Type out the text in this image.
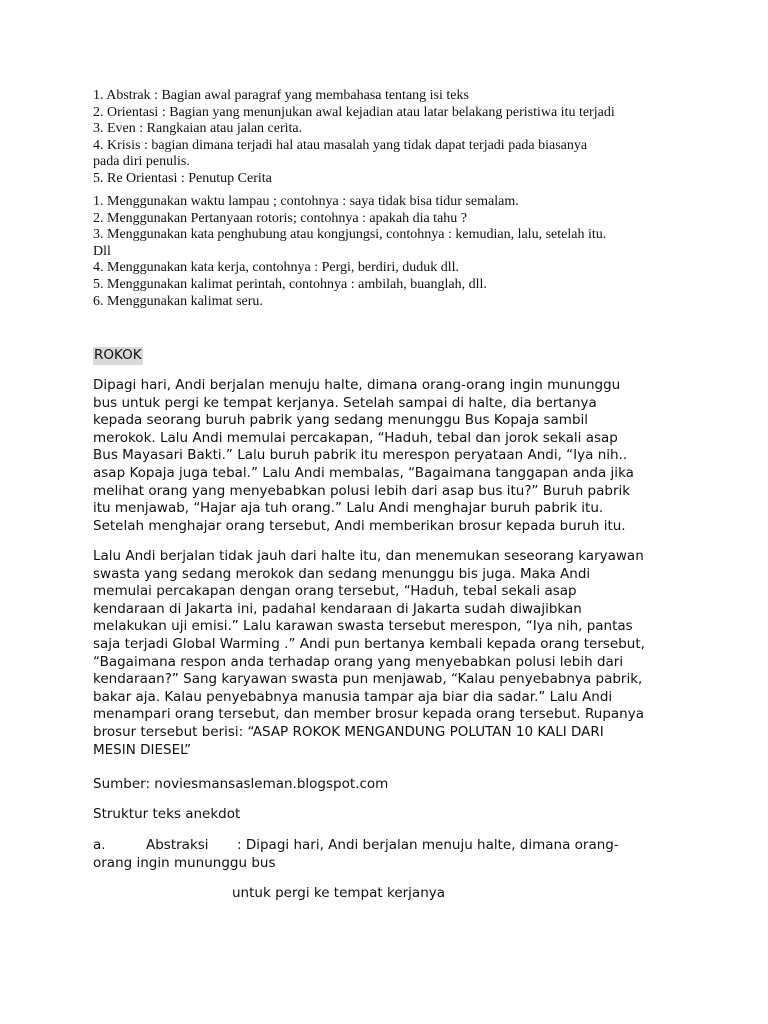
1. Abstrak : Bagian awal paragraf yang membahasa tentang isi teks
2. Orientasi : Bagian yang menunjukan awal kejadian atau latar belakang peristiwa itu terjadi
3. Even : Rangkaian atau jalan cerita.
4. Krisis : bagian dimana terjadi hal atau masalah yang tidak dapat terjadi pada biasanya
pada diri penulis.
5. Re Orientasi : Penutup Cerita
1. Menggunakan waktu lampau ; contohnya : saya tidak bisa tidur semalam.
2. Menggunakan Pertanyaan rotoris; contohnya : apakah dia tahu ?
3. Menggunakan kata penghubung atau kongjungsi, contohnya : kemudian, lalu, setelah itu.
Dll
4. Menggunakan kata kerja, contohnya : Pergi, berdiri, duduk dll.
5. Menggunakan kalimat perintah, contohnya : ambilah, buanglah, dll.
6. Menggunakan kalimat seru.
ROKOK
Dipagi hari, Andi berjalan menuju halte, dimana orang-orang ingin mununggu
bus untuk pergi ke tempat kerjanya. Setelah sampai di halte, dia bertanya
kepada seorang buruh pabrik yang sedang menunggu Bus Kopaja sambil
merokok. Lalu Andi memulai percakapan, “Haduh, tebal dan jorok sekali asap
Bus Mayasari Bakti.” Lalu buruh pabrik itu merespon peryataan Andi, “Iya nih..
asap Kopaja juga tebal.” Lalu Andi membalas, “Bagaimana tanggapan anda jika
melihat orang yang menyebabkan polusi lebih dari asap bus itu?” Buruh pabrik
itu menjawab, “Hajar aja tuh orang.” Lalu Andi menghajar buruh pabrik itu.
Setelah menghajar orang tersebut, Andi memberikan brosur kepada buruh itu.
Lalu Andi berjalan tidak jauh dari halte itu, dan menemukan seseorang karyawan
swasta yang sedang merokok dan sedang menunggu bis juga. Maka Andi
memulai percakapan dengan orang tersebut, “Haduh, tebal sekali asap
kendaraan di Jakarta ini, padahal kendaraan di Jakarta sudah diwajibkan
melakukan uji emisi.” Lalu karawan swasta tersebut merespon, “Iya nih, pantas
saja terjadi Global Warming .” Andi pun bertanya kembali kepada orang tersebut,
“Bagaimana respon anda terhadap orang yang menyebabkan polusi lebih dari
kendaraan?” Sang karyawan swasta pun menjawab, “Kalau penyebabnya pabrik,
bakar aja. Kalau penyebabnya manusia tampar aja biar dia sadar.” Lalu Andi
menampari orang tersebut, dan member brosur kepada orang tersebut. Rupanya
brosur tersebut berisi: “ASAP ROKOK MENGANDUNG POLUTAN 10 KALI DARI
MESIN DIESEL”
Sumber: noviesmansasleman.blogspot.com
Struktur teks anekdot
a.	Abstraksi : Dipagi hari, Andi berjalan menuju halte, dimana orang-
orang ingin mununggu bus
untuk pergi ke tempat kerjanya
